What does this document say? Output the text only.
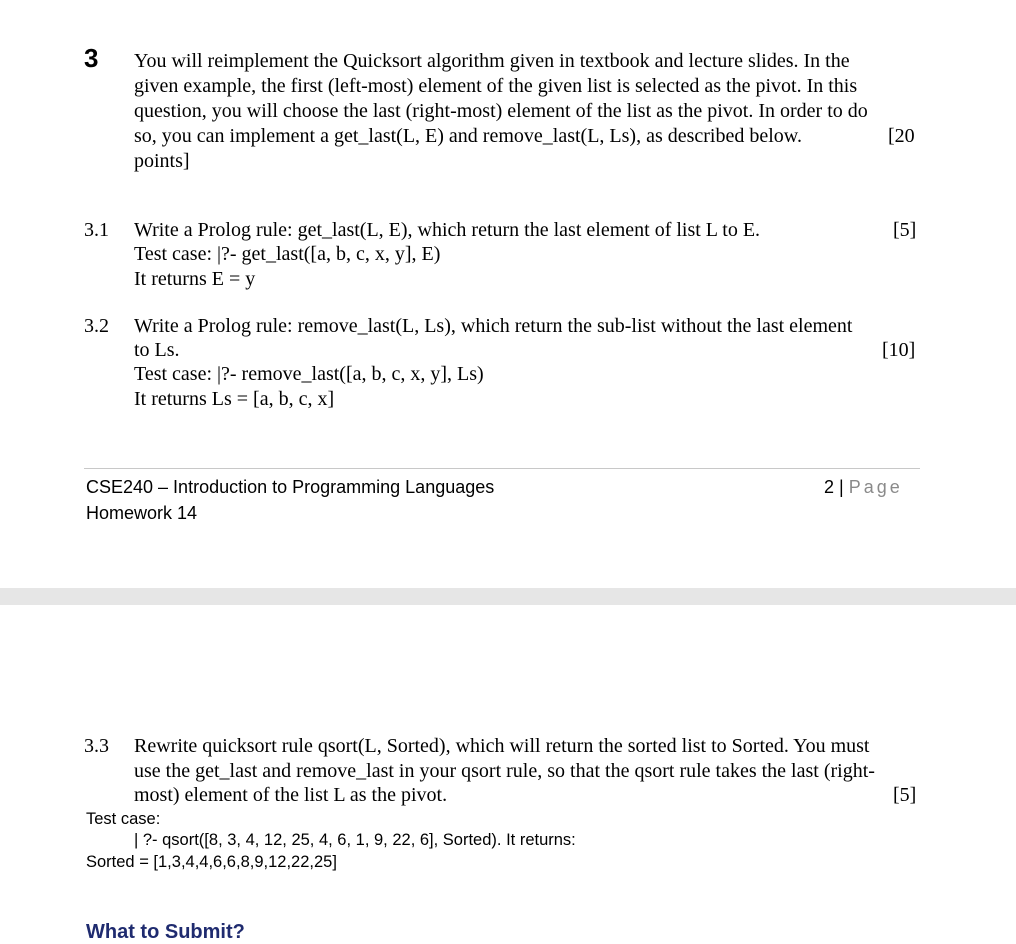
3 You will reimplement the Quicksort algorithm given in textbook and lecture slides. In the
given example, the first (left-most) element of the given list is selected as the pivot. In this
question, you will choose the last (right-most) element of the list as the pivot. In order to do
so, you can implement a get_last(L, E) and remove_last(L, Ls), as described below.
points]
[20
3.1 Write a Prolog rule: get_last(L, E), which return the last element of list L to E.	[5]
Test case: |?- get_last([a, b, c, x, y], E)
It returns E = y
3.2 Write a Prolog rule: remove_last(L, Ls), which return the sub-list without the last element
to Ls.	[10]
Test case: |?- remove_last([a, b, c, x, y], Ls)
It returns Ls = [a, b, c, x]
CSE240 – Introduction to Programming Languages
Homework 14
2 | Page
3.3 Rewrite quicksort rule qsort(L, Sorted), which will return the sorted list to Sorted. You must
use the get_last and remove_last in your qsort rule, so that the qsort rule takes the last (right-
most) element of the list L as the pivot.	[5]
Test case:
| ?- qsort([8, 3, 4, 12, 25, 4, 6, 1, 9, 22, 6], Sorted). It returns:
Sorted = [1,3,4,4,6,6,8,9,12,22,25]
What to Submit?
